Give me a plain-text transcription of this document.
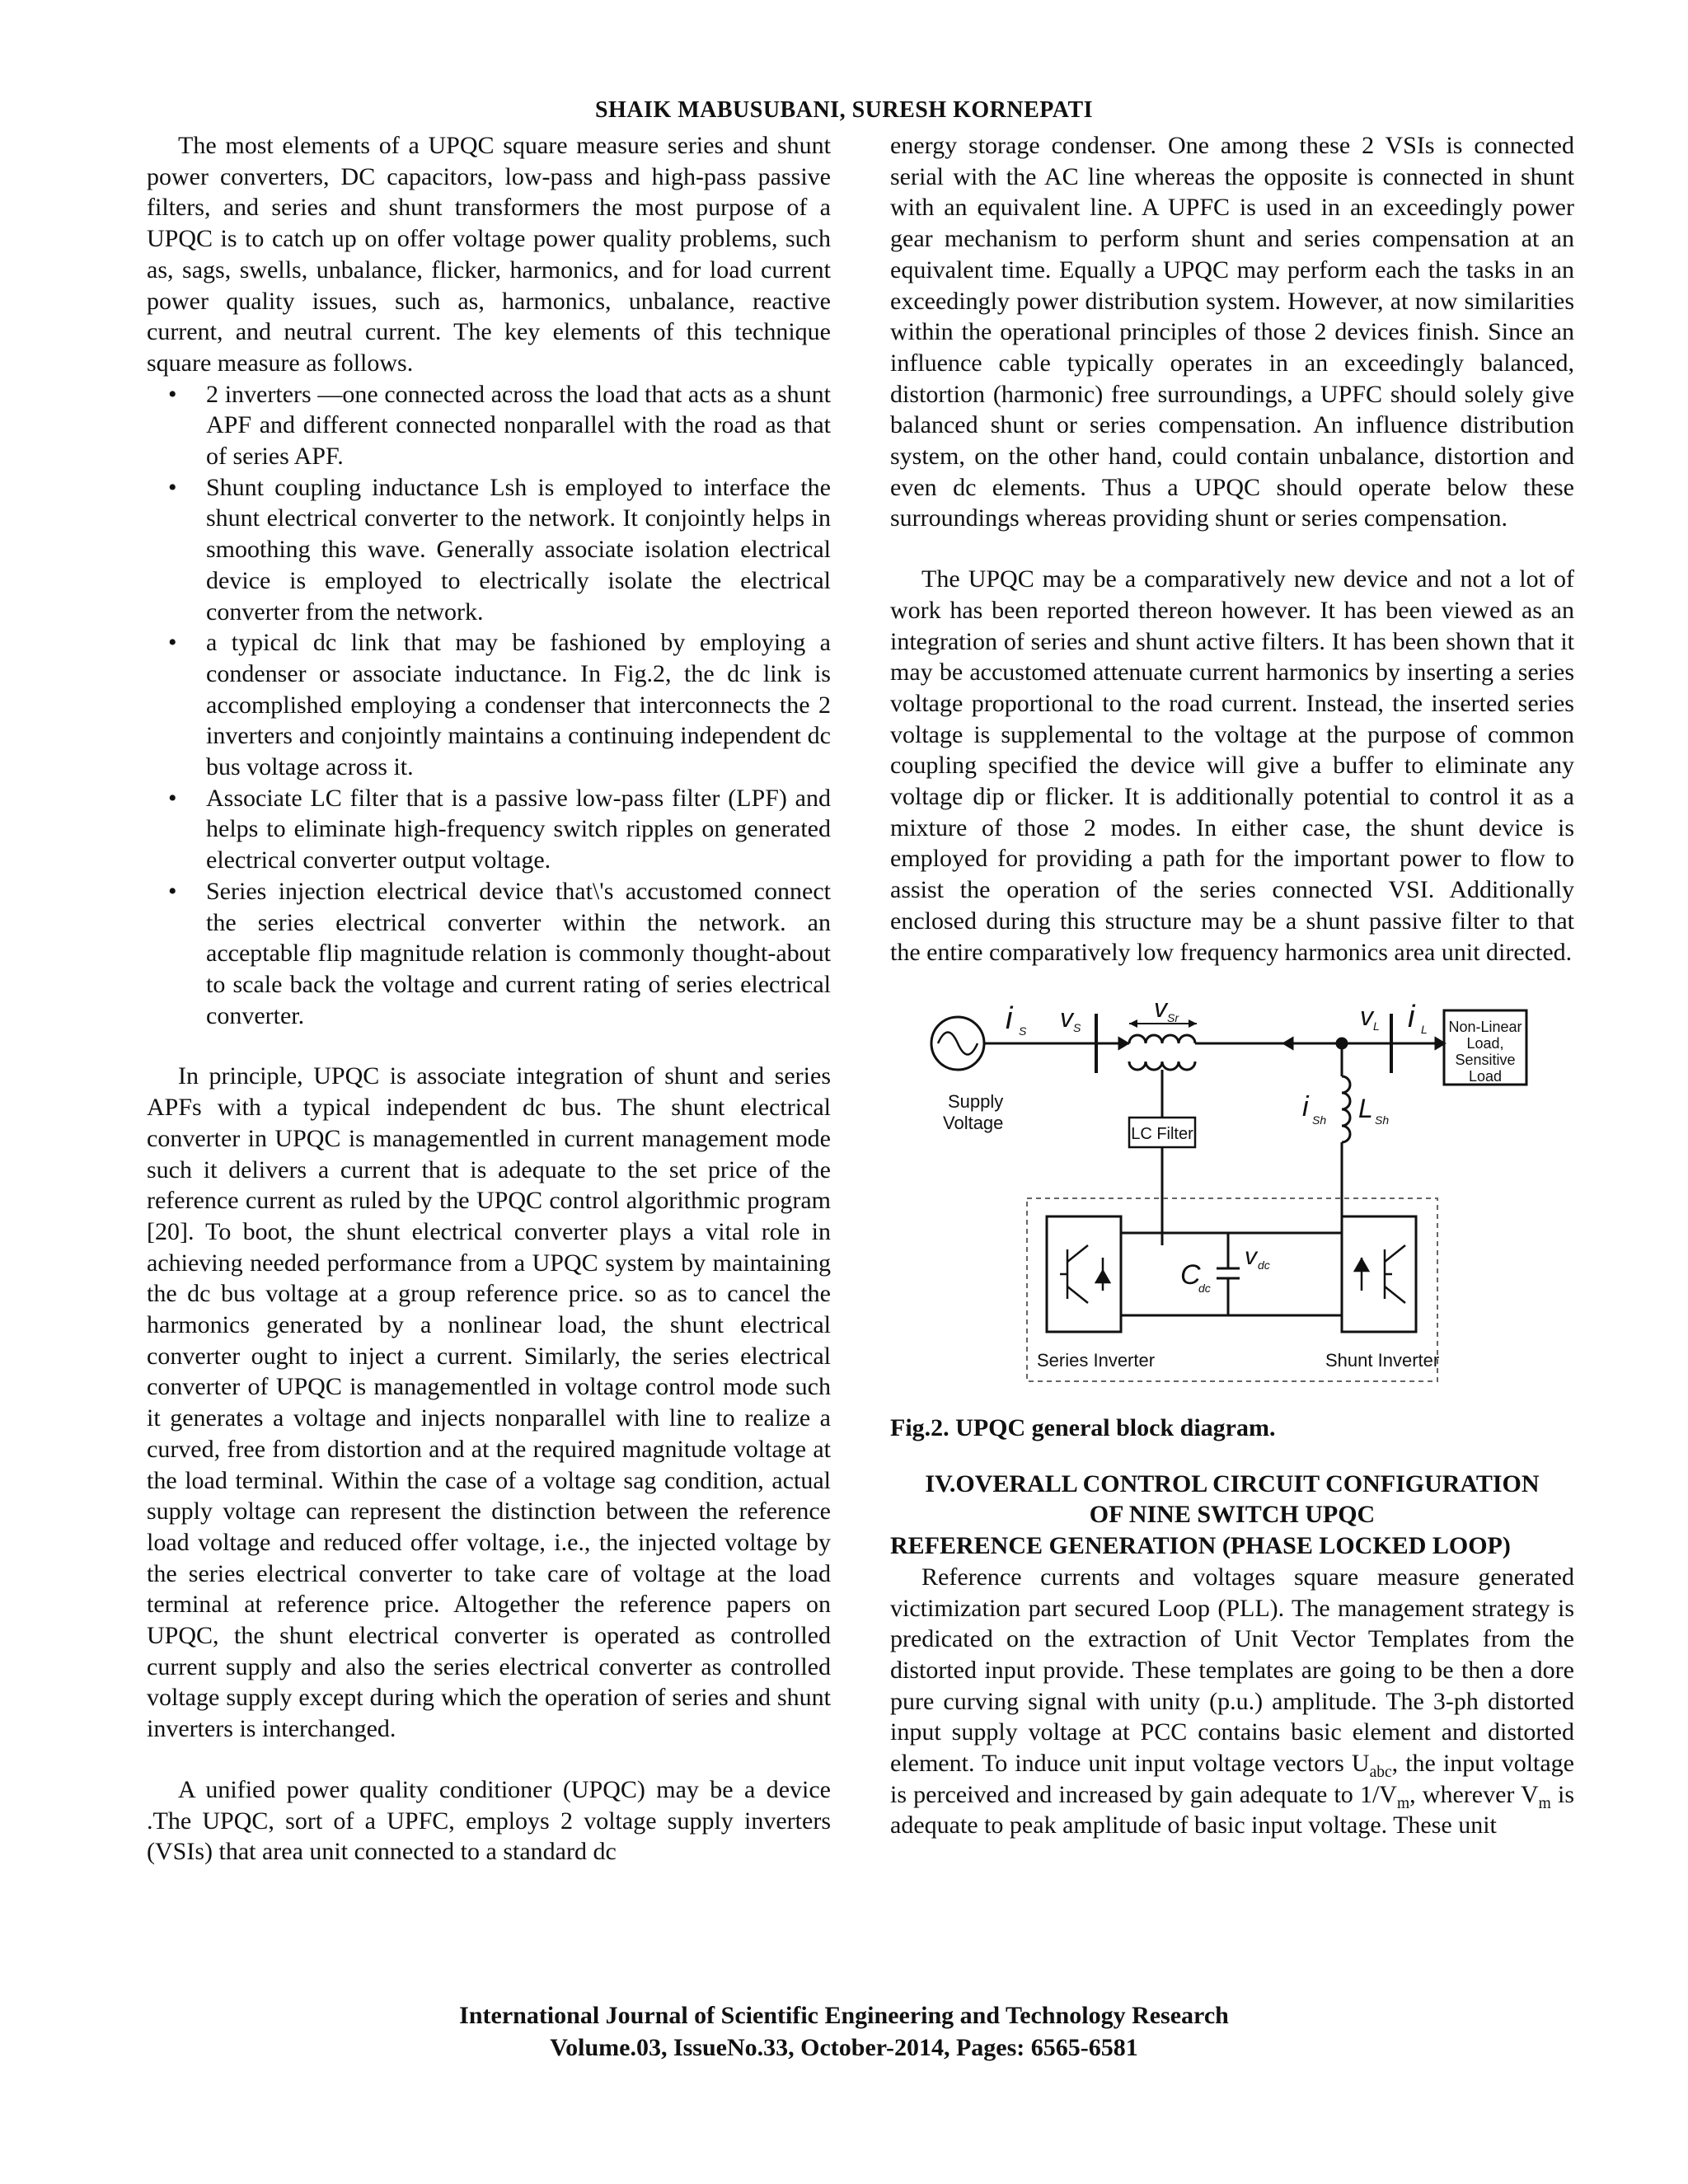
SHAIK MABUSUBANI, SURESH KORNEPATI

The most elements of a UPQC square measure series and shunt power converters, DC capacitors, low-pass and high-pass passive filters, and series and shunt transformers the most purpose of a UPQC is to catch up on offer voltage power quality problems, such as, sags, swells, unbalance, flicker, harmonics, and for load current power quality issues, such as, harmonics, unbalance, reactive current, and neutral current. The key elements of this technique square measure as follows.

• 2 inverters —one connected across the load that acts as a shunt APF and different connected nonparallel with the road as that of series APF.
• Shunt coupling inductance Lsh is employed to interface the shunt electrical converter to the network. It conjointly helps in smoothing this wave. Generally associate isolation electrical device is employed to electrically isolate the electrical converter from the network.
• a typical dc link that may be fashioned by employing a condenser or associate inductance. In Fig.2, the dc link is accomplished employing a condenser that interconnects the 2 inverters and conjointly maintains a continuing independent dc bus voltage across it.
• Associate LC filter that is a passive low-pass filter (LPF) and helps to eliminate high-frequency switch ripples on generated electrical converter output voltage.
• Series injection electrical device that\'s accustomed connect the series electrical converter within the network. an acceptable flip magnitude relation is commonly thought-about to scale back the voltage and current rating of series electrical converter.

In principle, UPQC is associate integration of shunt and series APFs with a typical independent dc bus. The shunt electrical converter in UPQC is managementled in current management mode such it delivers a current that is adequate to the set price of the reference current as ruled by the UPQC control algorithmic program [20]. To boot, the shunt electrical converter plays a vital role in achieving needed performance from a UPQC system by maintaining the dc bus voltage at a group reference price. so as to cancel the harmonics generated by a nonlinear load, the shunt electrical converter ought to inject a current. Similarly, the series electrical converter of UPQC is managementled in voltage control mode such it generates a voltage and injects nonparallel with line to realize a curved, free from distortion and at the required magnitude voltage at the load terminal. Within the case of a voltage sag condition, actual supply voltage can represent the distinction between the reference load voltage and reduced offer voltage, i.e., the injected voltage by the series electrical converter to take care of voltage at the load terminal at reference price. Altogether the reference papers on UPQC, the shunt electrical converter is operated as controlled current supply and also the series electrical converter as controlled voltage supply except during which the operation of series and shunt inverters is interchanged.

A unified power quality conditioner (UPQC) may be a device .The UPQC, sort of a UPFC, employs 2 voltage supply inverters (VSIs) that area unit connected to a standard dc

energy storage condenser. One among these 2 VSIs is connected serial with the AC line whereas the opposite is connected in shunt with an equivalent line. A UPFC is used in an exceedingly power gear mechanism to perform shunt and series compensation at an equivalent time. Equally a UPQC may perform each the tasks in an exceedingly power distribution system. However, at now similarities within the operational principles of those 2 devices finish. Since an influence cable typically operates in an exceedingly balanced, distortion (harmonic) free surroundings, a UPFC should solely give balanced shunt or series compensation. An influence distribution system, on the other hand, could contain unbalance, distortion and even dc elements. Thus a UPQC should operate below these surroundings whereas providing shunt or series compensation.

The UPQC may be a comparatively new device and not a lot of work has been reported thereon however. It has been viewed as an integration of series and shunt active filters. It has been shown that it may be accustomed attenuate current harmonics by inserting a series voltage proportional to the road current. Instead, the inserted series voltage is supplemental to the voltage at the purpose of common coupling specified the device will give a buffer to eliminate any voltage dip or flicker. It is additionally potential to control it as a mixture of those 2 modes. In either case, the shunt device is employed for providing a path for the important power to flow to assist the operation of the series connected VSI. Additionally enclosed during this structure may be a shunt passive filter to that the entire comparatively low frequency harmonics area unit directed.

Supply
Voltage
i S v S
v Sr	v L i L Non-Linear
Load,
Sensitive
Load
LC Filter
i Sh L Sh
C
dc
v dc
Series Inverter	Shunt Inverter

Fig.2. UPQC general block diagram.

IV.OVERALL CONTROL CIRCUIT CONFIGURATION
OF NINE SWITCH UPQC

REFERENCE GENERATION (PHASE LOCKED LOOP)

Reference currents and voltages square measure generated victimization part secured Loop (PLL). The management strategy is predicated on the extraction of Unit Vector Templates from the distorted input provide. These templates are going to be then a dore pure curving signal with unity (p.u.) amplitude. The 3-ph distorted input supply voltage at PCC contains basic element and distorted element. To induce unit input voltage vectors $U_{abc}$, the input voltage is perceived and increased by gain adequate to $1/V_m$, wherever $V_m$ is adequate to peak amplitude of basic input voltage. These unit

International Journal of Scientific Engineering and Technology Research
Volume.03, IssueNo.33, October-2014, Pages: 6565-6581
